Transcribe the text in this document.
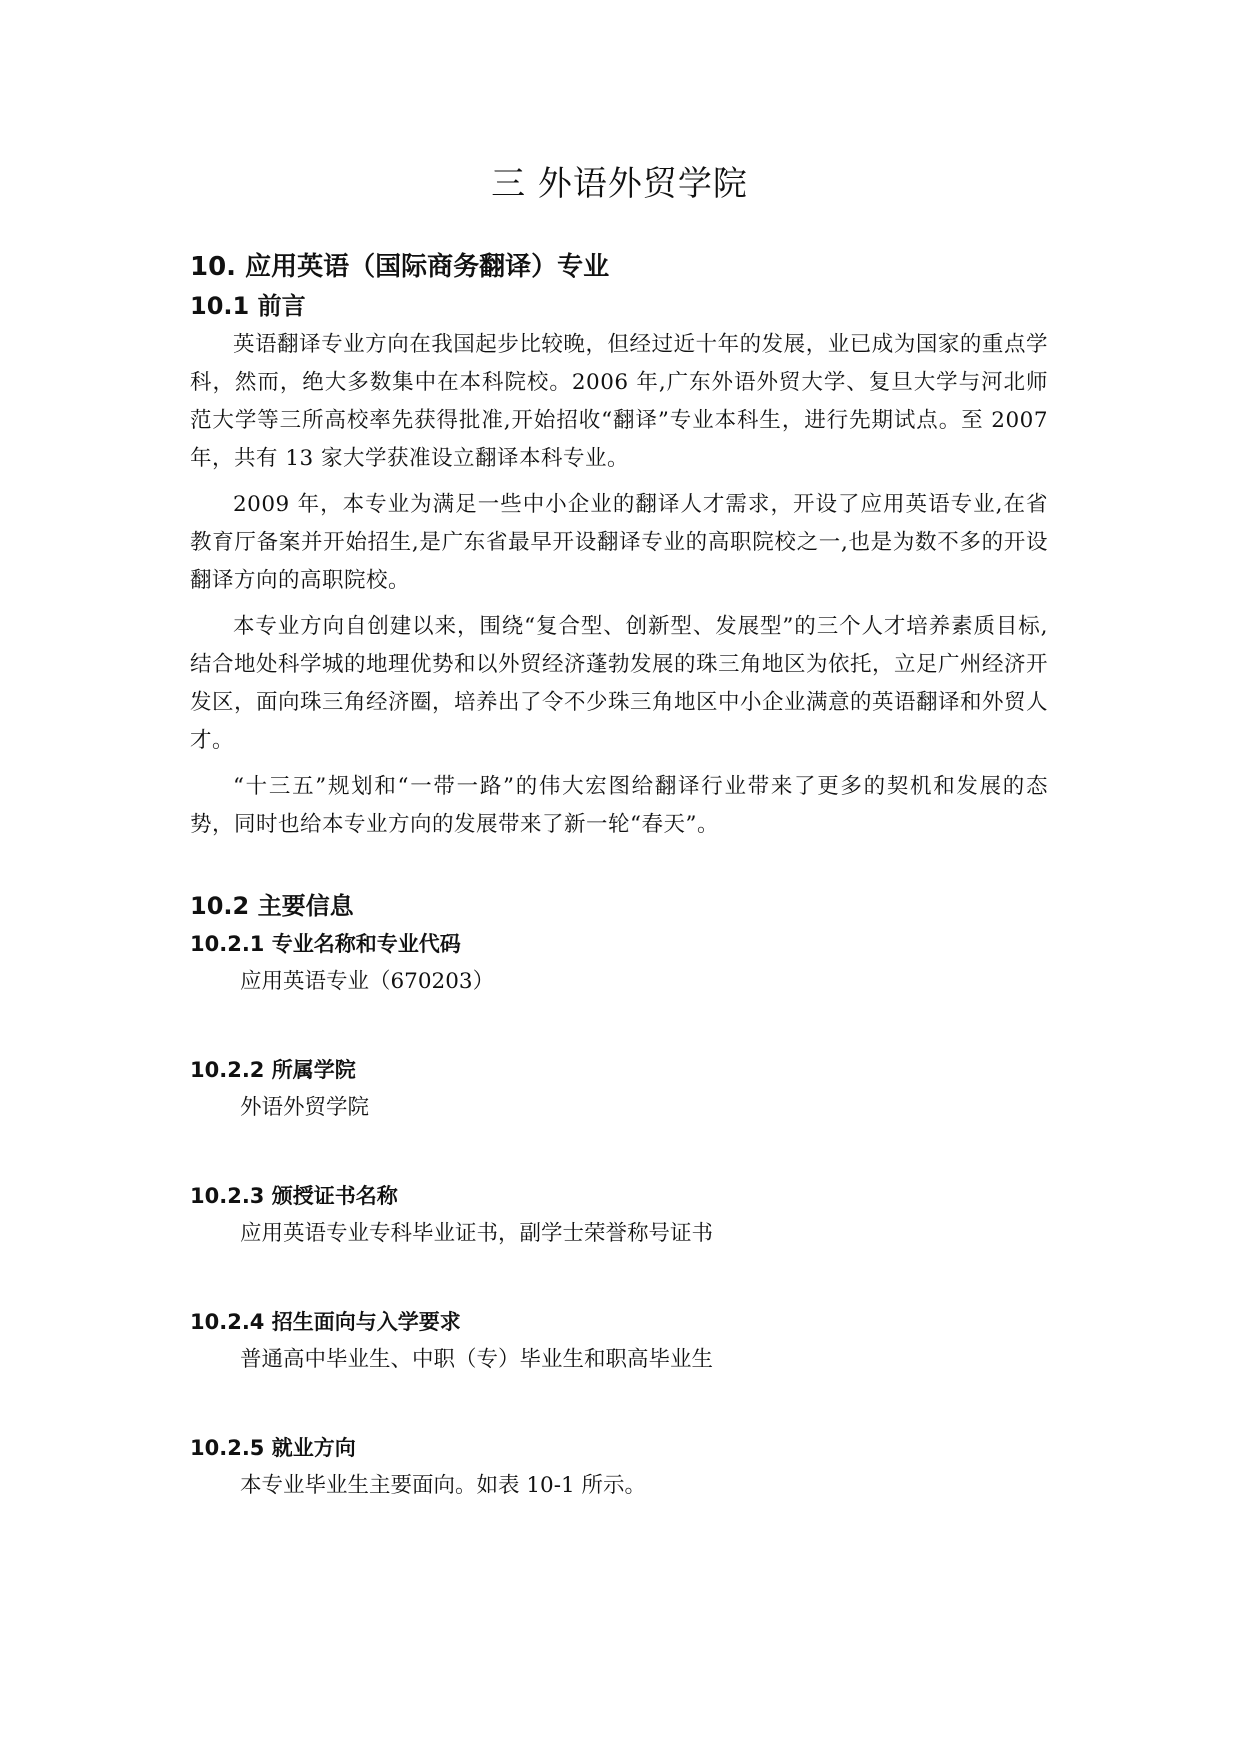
三 外语外贸学院
10. 应用英语（国际商务翻译）专业
10.1 前言

英语翻译专业方向在我国起步比较晚，但经过近十年的发展，业已成为国家的重点学科，然而，绝大多数集中在本科院校。2006 年,广东外语外贸大学、复旦大学与河北师范大学等三所高校率先获得批准,开始招收“翻译”专业本科生，进行先期试点。至 2007 年，共有 13 家大学获准设立翻译本科专业。

2009 年，本专业为满足一些中小企业的翻译人才需求，开设了应用英语专业,在省教育厅备案并开始招生,是广东省最早开设翻译专业的高职院校之一,也是为数不多的开设翻译方向的高职院校。

本专业方向自创建以来，围绕“复合型、创新型、发展型”的三个人才培养素质目标,结合地处科学城的地理优势和以外贸经济蓬勃发展的珠三角地区为依托，立足广州经济开发区，面向珠三角经济圈，培养出了令不少珠三角地区中小企业满意的英语翻译和外贸人才。

“十三五”规划和“一带一路”的伟大宏图给翻译行业带来了更多的契机和发展的态势，同时也给本专业方向的发展带来了新一轮“春天”。

10.2 主要信息
10.2.1 专业名称和专业代码

应用英语专业（670203）

10.2.2 所属学院

外语外贸学院

10.2.3 颁授证书名称

应用英语专业专科毕业证书，副学士荣誉称号证书

10.2.4 招生面向与入学要求

普通高中毕业生、中职（专）毕业生和职高毕业生

10.2.5 就业方向

本专业毕业生主要面向。如表 10-1 所示。
